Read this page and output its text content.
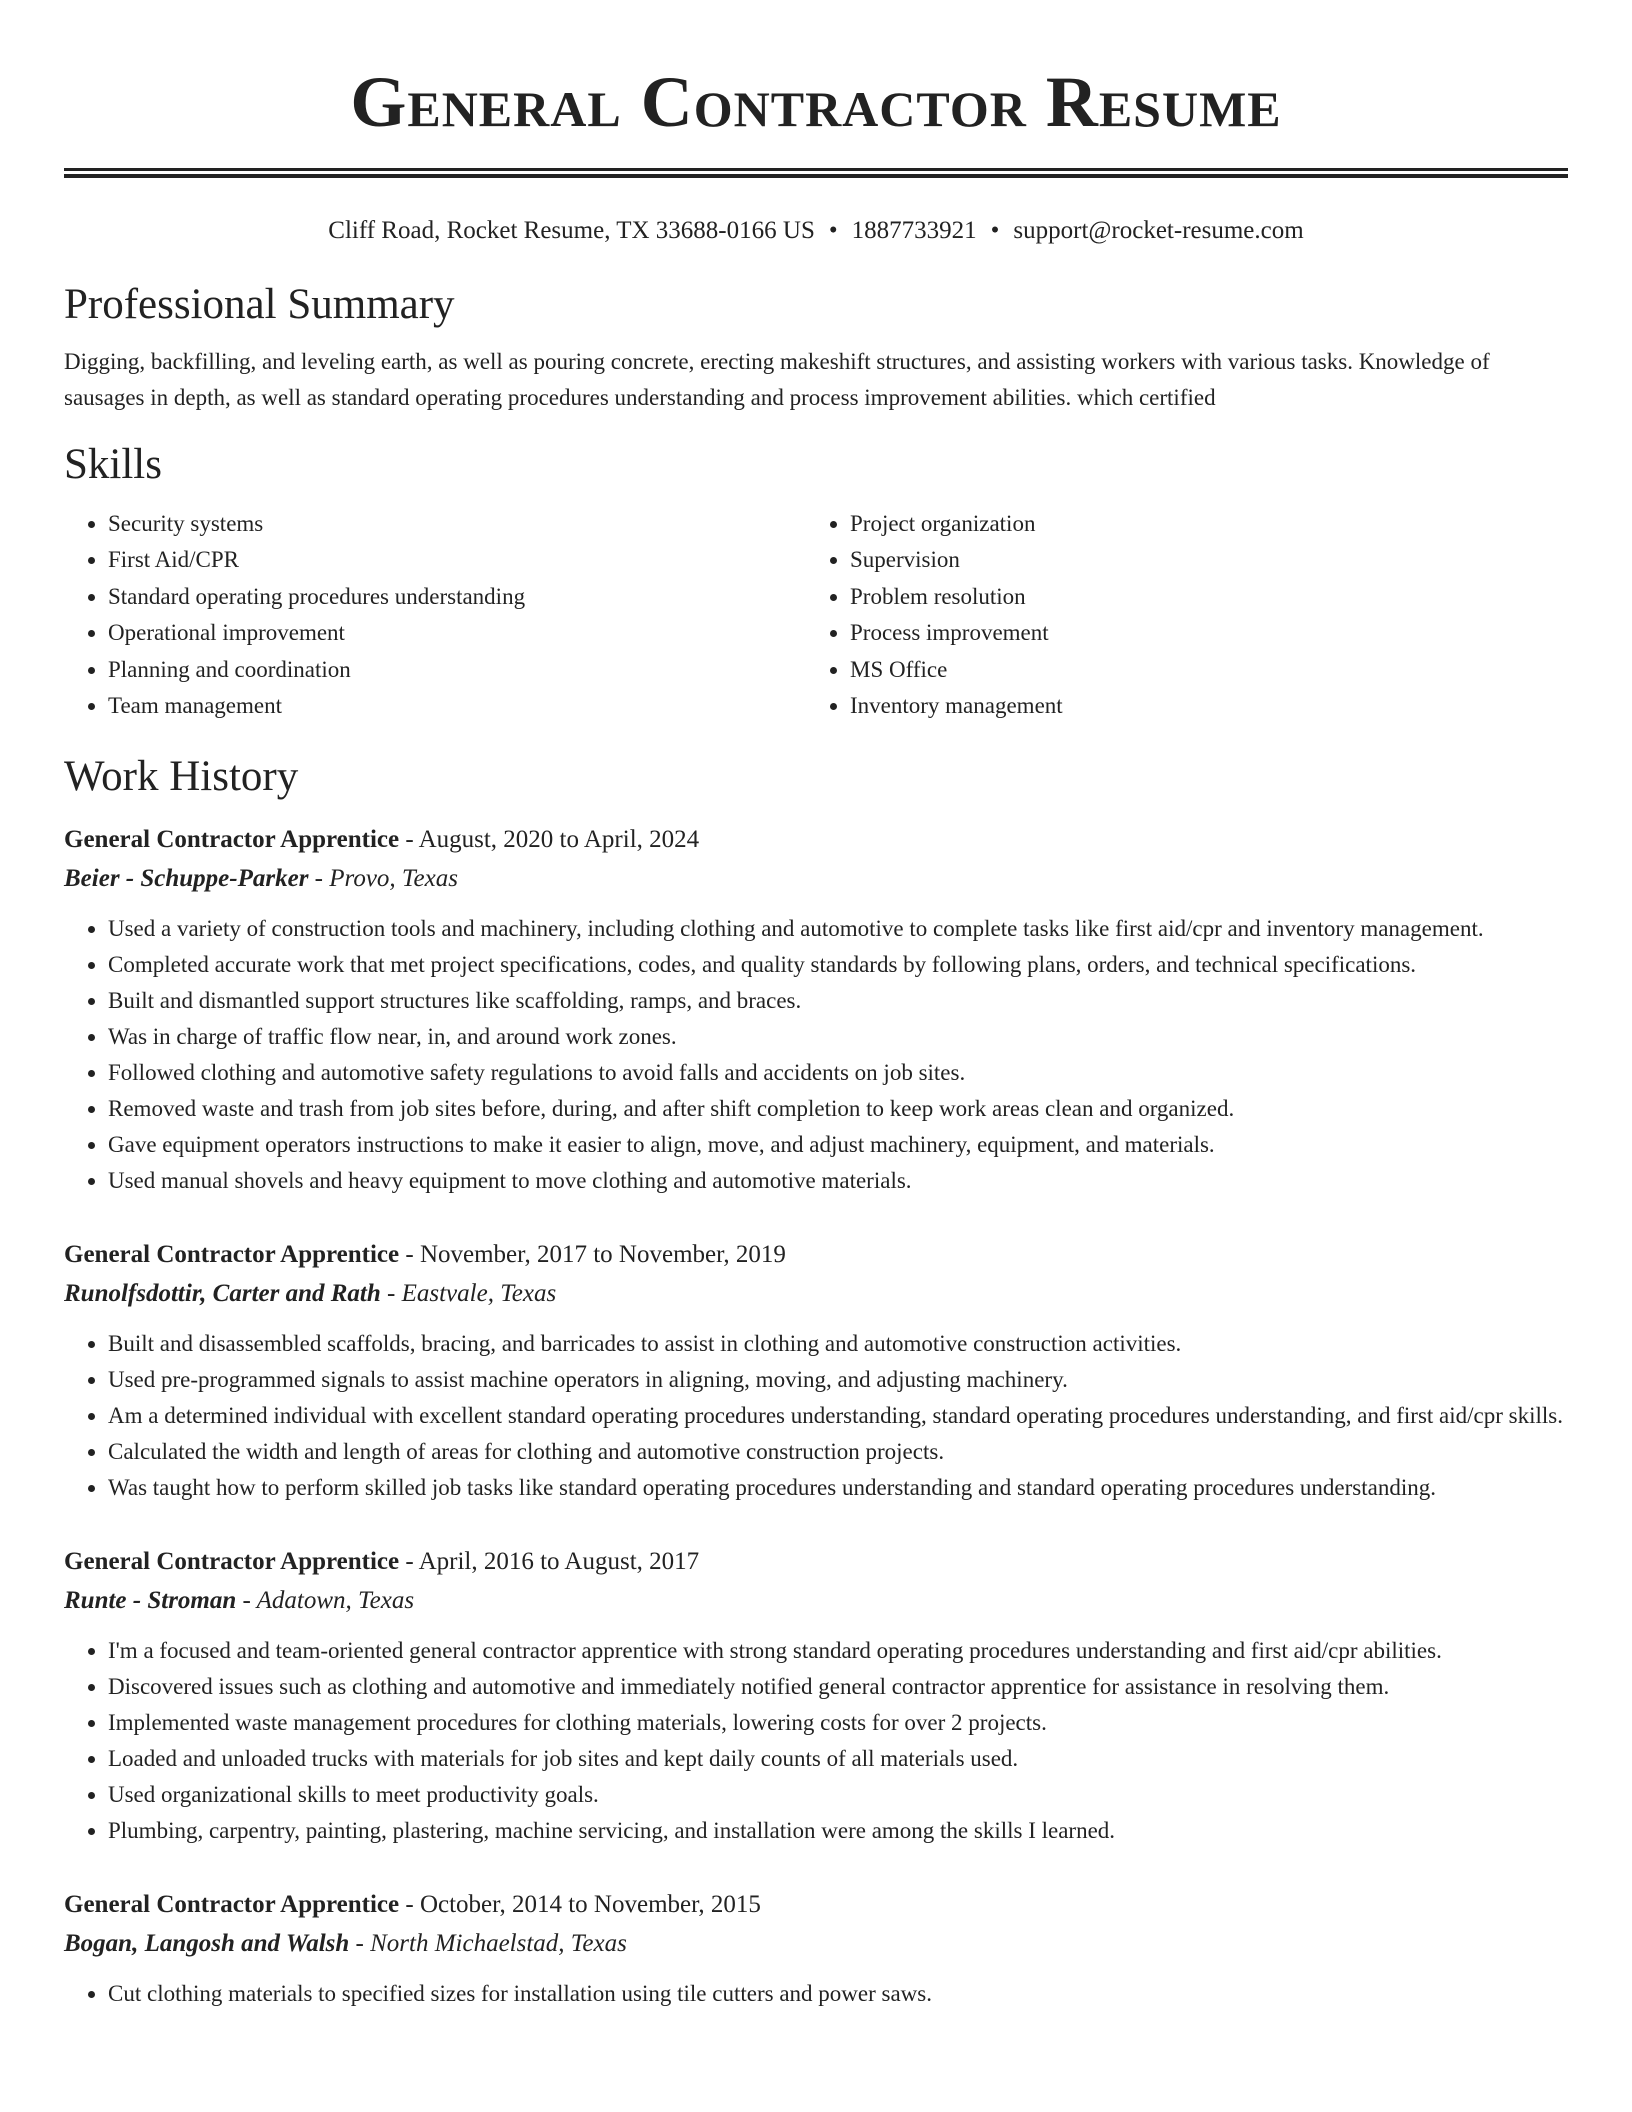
General Contractor Resume
Cliff Road, Rocket Resume, TX 33688-0166 US • 1887733921 • support@rocket-resume.com
Professional Summary
Digging, backfilling, and leveling earth, as well as pouring concrete, erecting makeshift structures, and assisting workers with various tasks. Knowledge of sausages in depth, as well as standard operating procedures understanding and process improvement abilities. which certified
Skills
• Security systems
• First Aid/CPR
• Standard operating procedures understanding
• Operational improvement
• Planning and coordination
• Team management
• Project organization
• Supervision
• Problem resolution
• Process improvement
• MS Office
• Inventory management
Work History
General Contractor Apprentice - August, 2020 to April, 2024
Beier - Schuppe-Parker - Provo, Texas
• Used a variety of construction tools and machinery, including clothing and automotive to complete tasks like first aid/cpr and inventory management.
• Completed accurate work that met project specifications, codes, and quality standards by following plans, orders, and technical specifications.
• Built and dismantled support structures like scaffolding, ramps, and braces.
• Was in charge of traffic flow near, in, and around work zones.
• Followed clothing and automotive safety regulations to avoid falls and accidents on job sites.
• Removed waste and trash from job sites before, during, and after shift completion to keep work areas clean and organized.
• Gave equipment operators instructions to make it easier to align, move, and adjust machinery, equipment, and materials.
• Used manual shovels and heavy equipment to move clothing and automotive materials.
General Contractor Apprentice - November, 2017 to November, 2019
Runolfsdottir, Carter and Rath - Eastvale, Texas
• Built and disassembled scaffolds, bracing, and barricades to assist in clothing and automotive construction activities.
• Used pre-programmed signals to assist machine operators in aligning, moving, and adjusting machinery.
• Am a determined individual with excellent standard operating procedures understanding, standard operating procedures understanding, and first aid/cpr skills.
• Calculated the width and length of areas for clothing and automotive construction projects.
• Was taught how to perform skilled job tasks like standard operating procedures understanding and standard operating procedures understanding.
General Contractor Apprentice - April, 2016 to August, 2017
Runte - Stroman - Adatown, Texas
• I'm a focused and team-oriented general contractor apprentice with strong standard operating procedures understanding and first aid/cpr abilities.
• Discovered issues such as clothing and automotive and immediately notified general contractor apprentice for assistance in resolving them.
• Implemented waste management procedures for clothing materials, lowering costs for over 2 projects.
• Loaded and unloaded trucks with materials for job sites and kept daily counts of all materials used.
• Used organizational skills to meet productivity goals.
• Plumbing, carpentry, painting, plastering, machine servicing, and installation were among the skills I learned.
General Contractor Apprentice - October, 2014 to November, 2015
Bogan, Langosh and Walsh - North Michaelstad, Texas
• Cut clothing materials to specified sizes for installation using tile cutters and power saws.
